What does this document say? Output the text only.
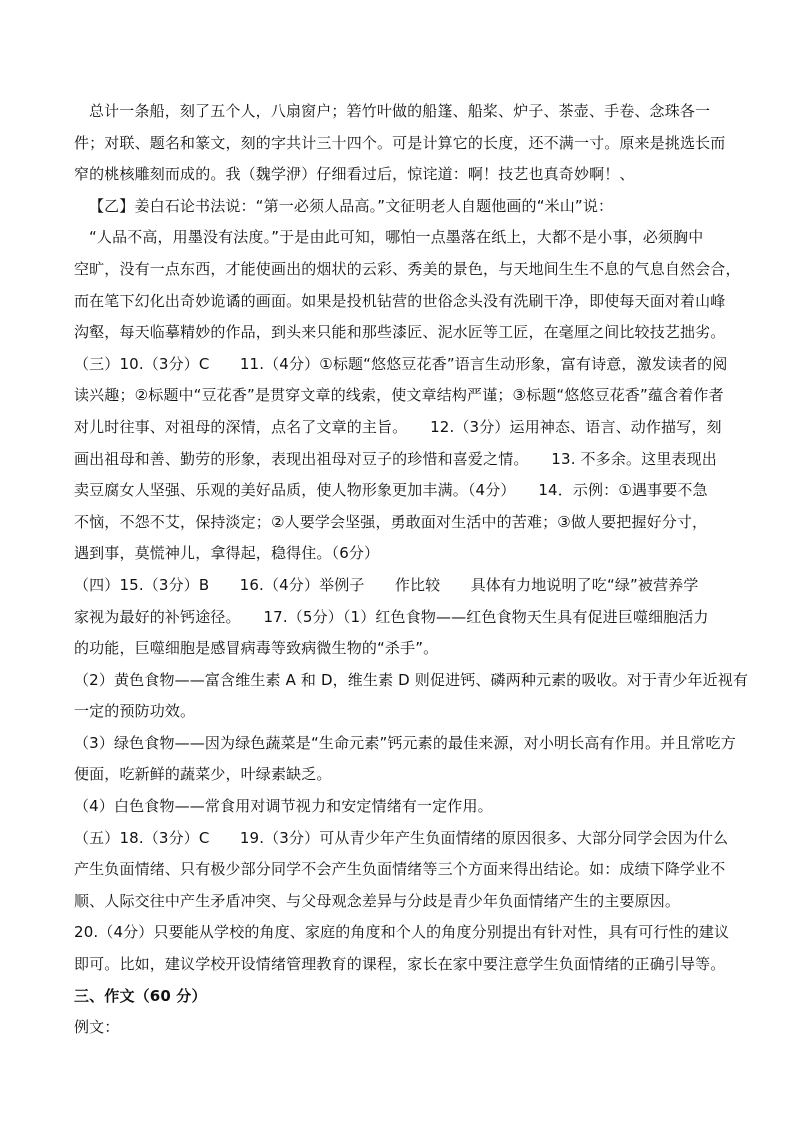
总计一条船，刻了五个人，八扇窗户；箬竹叶做的船篷、船桨、炉子、茶壶、手卷、念珠各一
件；对联、题名和篆文，刻的字共计三十四个。可是计算它的长度，还不满一寸。原来是挑选长而
窄的桃核雕刻而成的。我（魏学洢）仔细看过后，惊诧道：啊！技艺也真奇妙啊！、
【乙】姜白石论书法说：“第一必须人品高。”文征明老人自题他画的“米山”说：
“人品不高，用墨没有法度。”于是由此可知，哪怕一点墨落在纸上，大都不是小事，必须胸中
空旷，没有一点东西，才能使画出的烟状的云彩、秀美的景色，与天地间生生不息的气息自然会合，
而在笔下幻化出奇妙诡谲的画面。如果是投机钻营的世俗念头没有洗刷干净，即使每天面对着山峰
沟壑，每天临摹精妙的作品，到头来只能和那些漆匠、泥水匠等工匠，在毫厘之间比较技艺拙劣。
（三）10.（3分）C　　11.（4分）①标题“悠悠豆花香”语言生动形象，富有诗意，激发读者的阅
读兴趣；②标题中“豆花香”是贯穿文章的线索，使文章结构严谨；③标题“悠悠豆花香”蕴含着作者
对儿时往事、对祖母的深情，点名了文章的主旨。　　12.（3分）运用神态、语言、动作描写，刻
画出祖母和善、勤劳的形象，表现出祖母对豆子的珍惜和喜爱之情。　　13. 不多余。这里表现出
卖豆腐女人坚强、乐观的美好品质，使人物形象更加丰满。（4分）　　14．示例：①遇事要不急
不恼，不怨不艾，保持淡定；②人要学会坚强，勇敢面对生活中的苦难；③做人要把握好分寸，
遇到事，莫慌神儿，拿得起，稳得住。（6分）
（四）15.（3分）B　　16.（4分）举例子　　作比较　　具体有力地说明了吃“绿”被营养学
家视为最好的补钙途径。　　17.（5分）（1）红色食物——红色食物天生具有促进巨噬细胞活力
的功能，巨噬细胞是感冒病毒等致病微生物的“杀手”。
（2）黄色食物——富含维生素 A 和 D，维生素 D 则促进钙、磷两种元素的吸收。对于青少年近视有
一定的预防功效。
（3）绿色食物——因为绿色蔬菜是“生命元素”钙元素的最佳来源，对小明长高有作用。并且常吃方
便面，吃新鲜的蔬菜少，叶绿素缺乏。
（4）白色食物——常食用对调节视力和安定情绪有一定作用。
（五）18.（3分）C　　19.（3分）可从青少年产生负面情绪的原因很多、大部分同学会因为什么
产生负面情绪、只有极少部分同学不会产生负面情绪等三个方面来得出结论。如：成绩下降学业不
顺、人际交往中产生矛盾冲突、与父母观念差异与分歧是青少年负面情绪产生的主要原因。
20.（4分）只要能从学校的角度、家庭的角度和个人的角度分别提出有针对性，具有可行性的建议
即可。比如，建议学校开设情绪管理教育的课程，家长在家中要注意学生负面情绪的正确引导等。
三、作文（60 分）
例文：
